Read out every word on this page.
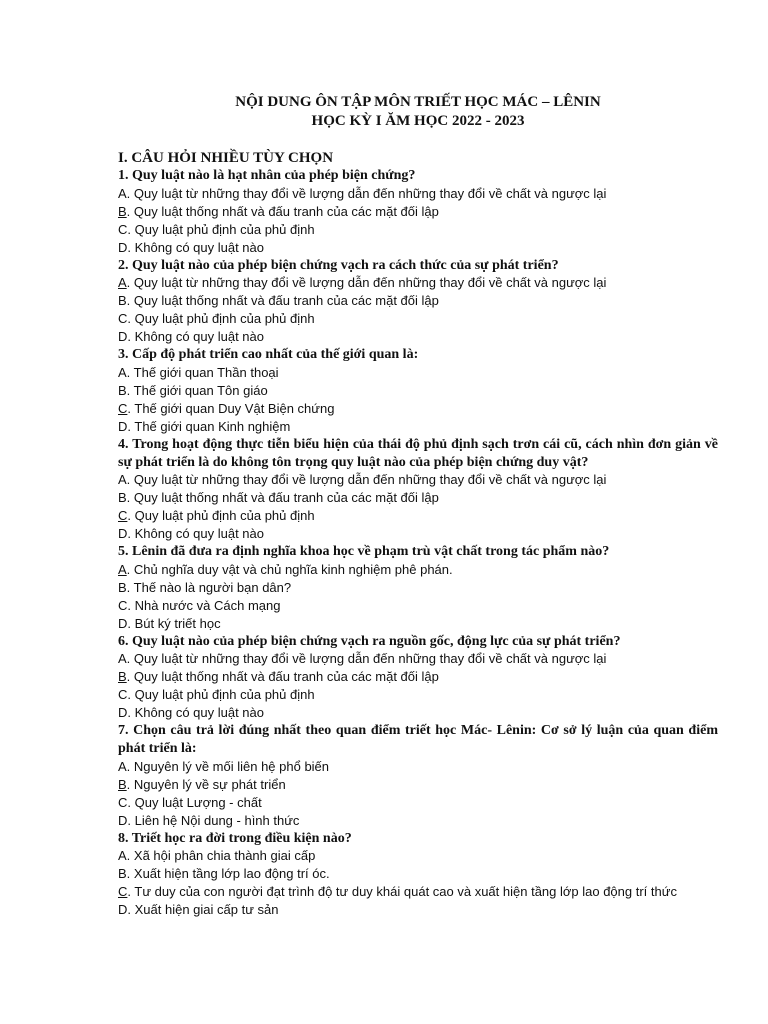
NỘI DUNG ÔN TẬP MÔN TRIẾT HỌC MÁC – LÊNIN
HỌC KỲ I ĂM HỌC 2022 - 2023
I. CÂU HỎI NHIỀU TÙY CHỌN
1. Quy luật nào là hạt nhân của phép biện chứng?
A. Quy luật từ những thay đổi về lượng dẫn đến những thay đổi về chất và ngược lại
B. Quy luật thống nhất và đấu tranh của các mặt đối lập
C. Quy luật phủ định của phủ định
D. Không có quy luật nào
2. Quy luật nào của phép biện chứng vạch ra cách thức của sự phát triển?
A. Quy luật từ những thay đổi về lượng dẫn đến những thay đổi về chất và ngược lại
B. Quy luật thống nhất và đấu tranh của các mặt đối lập
C. Quy luật phủ định của phủ định
D. Không có quy luật nào
3. Cấp độ phát triển cao nhất của thế giới quan là:
A. Thế giới quan Thần thoại
B. Thế giới quan Tôn giáo
C. Thế giới quan Duy Vật Biện chứng
D. Thế giới quan Kinh nghiệm
4. Trong hoạt động thực tiễn biểu hiện của thái độ phủ định sạch trơn cái cũ, cách nhìn đơn giản về sự phát triển là do không tôn trọng quy luật nào của phép biện chứng duy vật?
A. Quy luật từ những thay đổi về lượng dẫn đến những thay đổi về chất và ngược lại
B. Quy luật thống nhất và đấu tranh của các mặt đối lập
C. Quy luật phủ định của phủ định
D. Không có quy luật nào
5. Lênin đã đưa ra định nghĩa khoa học về phạm trù vật chất trong tác phẩm nào?
A. Chủ nghĩa duy vật và chủ nghĩa kinh nghiệm phê phán.
B. Thế nào là người bạn dân?
C. Nhà nước và Cách mạng
D. Bút ký triết học
6. Quy luật nào của phép biện chứng vạch ra nguồn gốc, động lực của sự phát triển?
A. Quy luật từ những thay đổi về lượng dẫn đến những thay đổi về chất và ngược lại
B. Quy luật thống nhất và đấu tranh của các mặt đối lập
C. Quy luật phủ định của phủ định
D. Không có quy luật nào
7. Chọn câu trả lời đúng nhất theo quan điểm triết học Mác- Lênin: Cơ sở lý luận của quan điểm phát triển là:
A. Nguyên lý về mối liên hệ phổ biến
B. Nguyên lý về sự phát triển
C. Quy luật Lượng - chất
D. Liên hệ Nội dung - hình thức
8. Triết học ra đời trong điều kiện nào?
A. Xã hội phân chia thành giai cấp
B. Xuất hiện tầng lớp lao động trí óc.
C. Tư duy của con người đạt trình độ tư duy khái quát cao và xuất hiện tầng lớp lao động trí thức
D. Xuất hiện giai cấp tư sản
